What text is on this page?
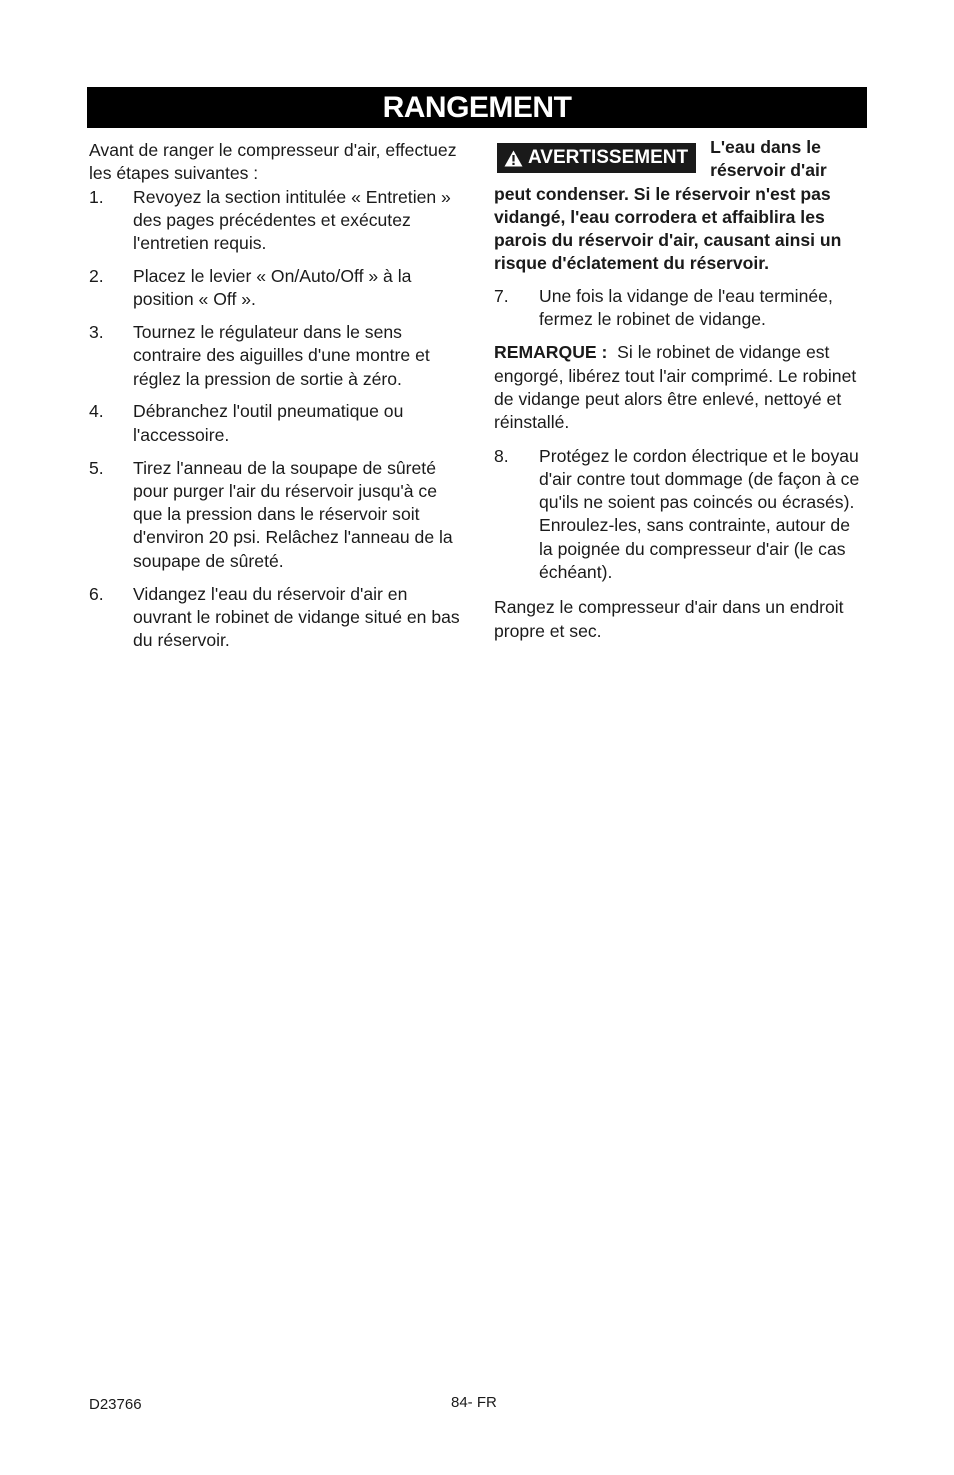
RANGEMENT

Avant de ranger le compresseur d'air, effectuez les étapes suivantes :

1.	Revoyez la section intitulée « Entretien » des pages précédentes et exécutez l'entretien requis.
2.	Placez le levier « On/Auto/Off » à la position « Off ».
3.	Tournez le régulateur dans le sens contraire des aiguilles d'une montre et réglez la pression de sortie à zéro.
4.	Débranchez l'outil pneumatique ou l'accessoire.
5.	Tirez l'anneau de la soupape de sûreté pour purger l'air du réservoir jusqu'à ce que la pression dans le réservoir soit d'environ 20 psi. Relâchez l'anneau de la soupape de sûreté.
6.	Vidangez l'eau du réservoir d'air en ouvrant le robinet de vidange situé en bas du réservoir.
AVERTISSEMENT
L'eau dans le réservoir d'air peut condenser. Si le réservoir n'est pas vidangé, l'eau corrodera et affaiblira les parois du réservoir d'air, causant ainsi un risque d'éclatement du réservoir.
7.	Une fois la vidange de l'eau terminée, fermez le robinet de vidange.

REMARQUE : Si le robinet de vidange est engorgé, libérez tout l'air comprimé. Le robinet de vidange peut alors être enlevé, nettoyé et réinstallé.

8.	Protégez le cordon électrique et le boyau d'air contre tout dommage (de façon à ce qu'ils ne soient pas coincés ou écrasés). Enroulez-les, sans contrainte, autour de la poignée du compresseur d'air (le cas échéant).

Rangez le compresseur d'air dans un endroit propre et sec.

D23766	84- FR
